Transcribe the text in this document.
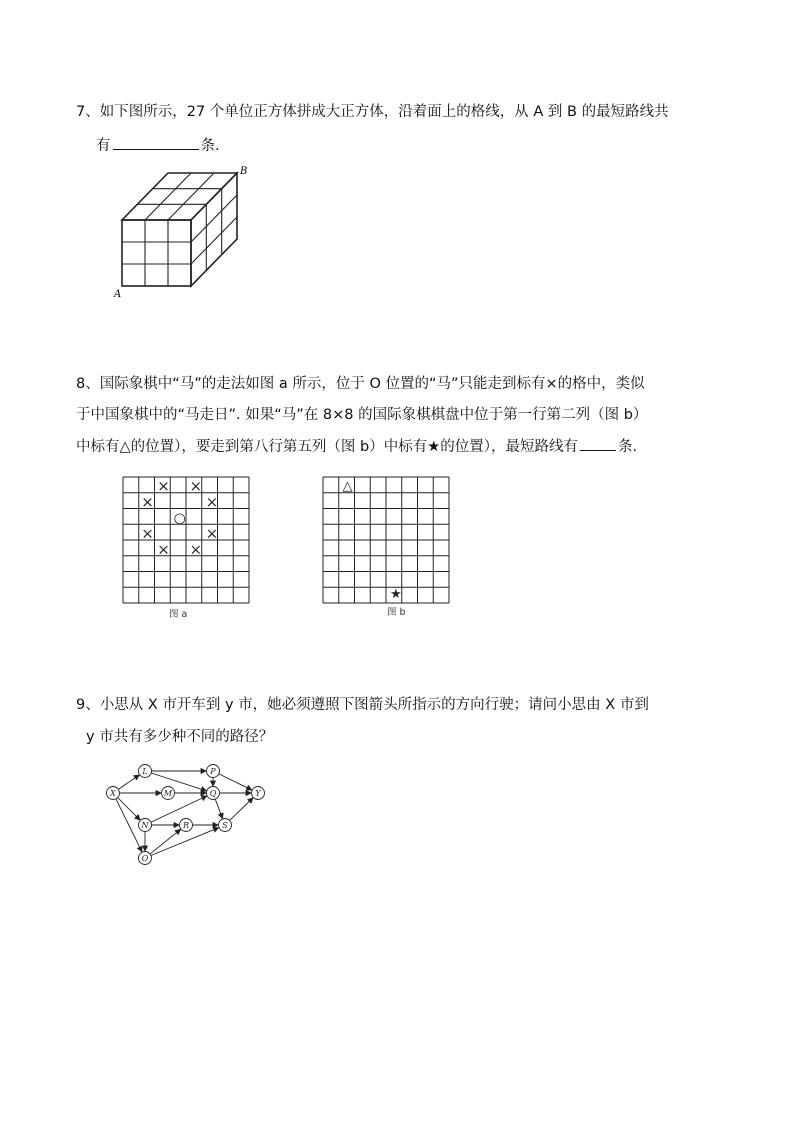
7、如下图所示，27 个单位正方体拼成大正方体，沿着面上的格线，从 A 到 B 的最短路线共
有	条.
A
B
8、国际象棋中“马”的走法如图 a 所示，位于 O 位置的“马”只能走到标有×的格中，类似
于中国象棋中的“马走日”. 如果“马”在 8×8 的国际象棋棋盘中位于第一行第二列（图 b）
中标有△的位置），要走到第八行第五列（图 b）中标有★的位置），最短路线有	条.
× ×
×	×
×	×
× ×
○
图 a
△
★
图 b
9、小思从 X 市开车到 y 市，她必须遵照下图箭头所指示的方向行驶；请问小思由 X 市到
y 市共有多少种不同的路径？
X
L
M
N
O
P
Q
R	S
Y
